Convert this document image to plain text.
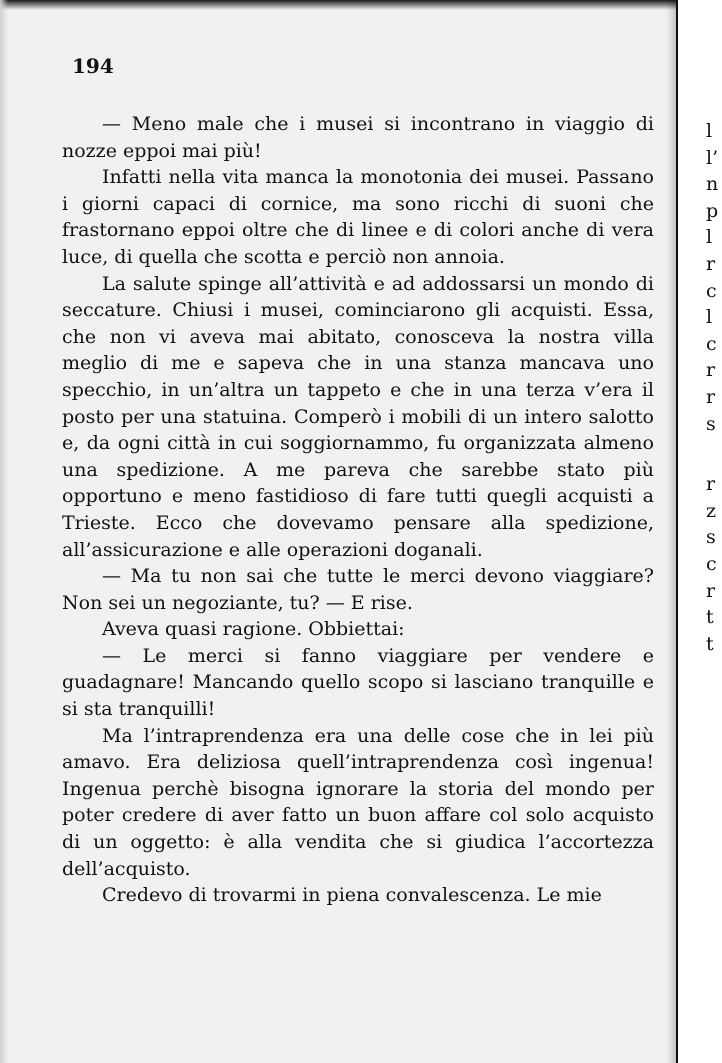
194

— Meno male che i musei si incontrano in viaggio di nozze eppoi mai più!

Infatti nella vita manca la monotonia dei musei. Passano i giorni capaci di cornice, ma sono ricchi di suoni che frastornano eppoi oltre che di linee e di colori anche di vera luce, di quella che scotta e perciò non annoia.

La salute spinge all’attività e ad addossarsi un mondo di seccature. Chiusi i musei, cominciarono gli acquisti. Essa, che non vi aveva mai abitato, conosceva la nostra villa meglio di me e sapeva che in una stanza mancava uno specchio, in un’altra un tappeto e che in una terza v’era il posto per una statuina. Comperò i mobili di un intero salotto e, da ogni città in cui soggiornammo, fu organizzata almeno una spedizione. A me pareva che sarebbe stato più opportuno e meno fastidioso di fare tutti quegli acquisti a Trieste. Ecco che dovevamo pensare alla spedizione, all’assicurazione e alle operazioni doganali.

— Ma tu non sai che tutte le merci devono viaggiare? Non sei un negoziante, tu? — E rise.

Aveva quasi ragione. Obbiettai:

— Le merci si fanno viaggiare per vendere e guadagnare! Mancando quello scopo si lasciano tranquille e si sta tranquilli!

Ma l’intraprendenza era una delle cose che in lei più amavo. Era deliziosa quell’intraprendenza così ingenua! Ingenua perchè bisogna ignorare la storia del mondo per poter credere di aver fatto un buon affare col solo acquisto di un oggetto: è alla vendita che si giudica l’accortezza dell’acquisto.

Credevo di trovarmi in piena convalescenza. Le mie

l
l’
n
p
l
r
c
l
c
r
r
s
r
z
s
c
r
t
t
